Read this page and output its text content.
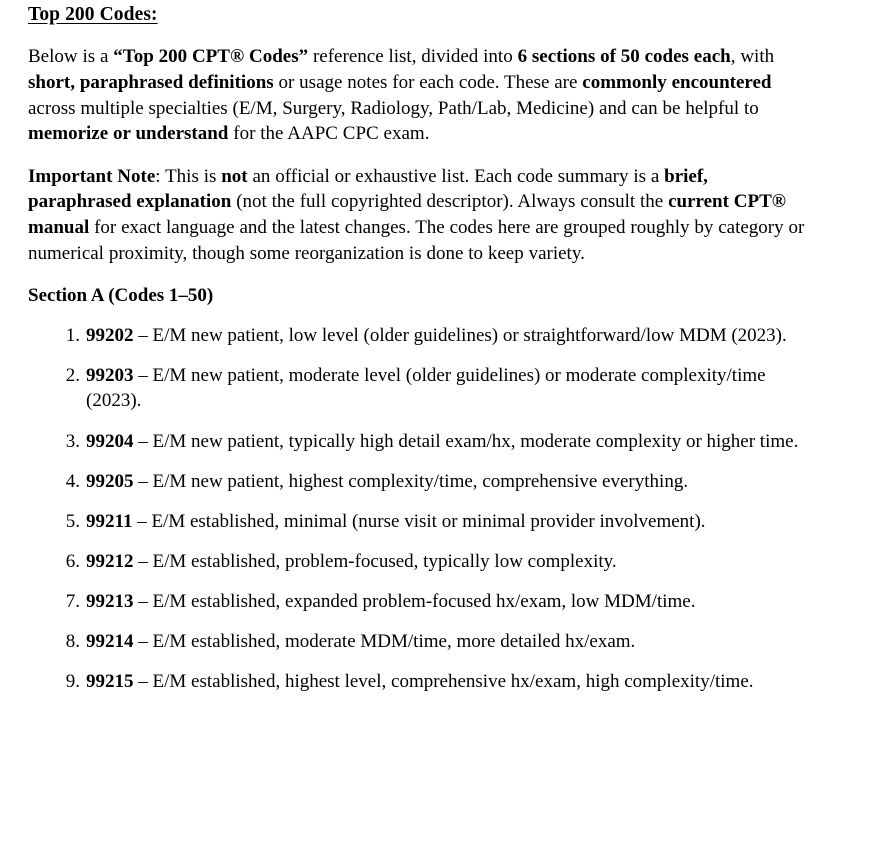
Top 200 Codes:

Below is a “Top 200 CPT® Codes” reference list, divided into 6 sections of 50 codes each, with short, paraphrased definitions or usage notes for each code. These are commonly encountered across multiple specialties (E/M, Surgery, Radiology, Path/Lab, Medicine) and can be helpful to memorize or understand for the AAPC CPC exam.

Important Note: This is not an official or exhaustive list. Each code summary is a brief, paraphrased explanation (not the full copyrighted descriptor). Always consult the current CPT® manual for exact language and the latest changes. The codes here are grouped roughly by category or numerical proximity, though some reorganization is done to keep variety.

Section A (Codes 1–50)
1. 99202 – E/M new patient, low level (older guidelines) or straightforward/low MDM (2023).
2. 99203 – E/M new patient, moderate level (older guidelines) or moderate complexity/time (2023).
3. 99204 – E/M new patient, typically high detail exam/hx, moderate complexity or higher time.
4. 99205 – E/M new patient, highest complexity/time, comprehensive everything.
5. 99211 – E/M established, minimal (nurse visit or minimal provider involvement).
6. 99212 – E/M established, problem-focused, typically low complexity.
7. 99213 – E/M established, expanded problem-focused hx/exam, low MDM/time.
8. 99214 – E/M established, moderate MDM/time, more detailed hx/exam.
9. 99215 – E/M established, highest level, comprehensive hx/exam, high complexity/time.
